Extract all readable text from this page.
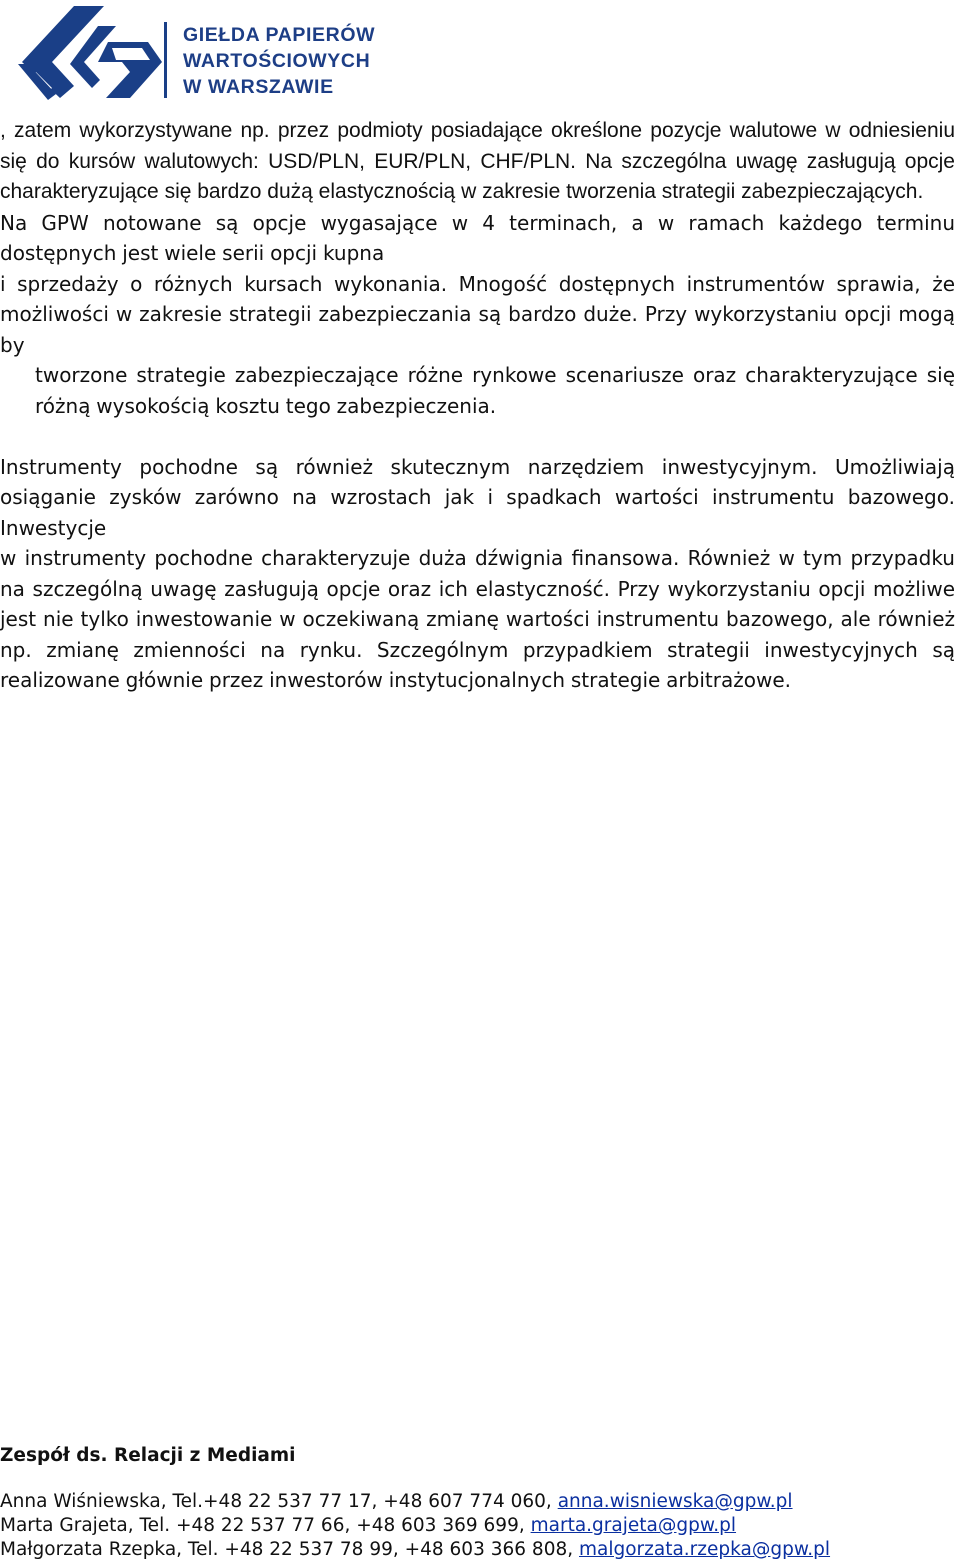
GIEŁDA PAPIERÓW
WARTOŚCIOWYCH
W WARSZAWIE

, zatem wykorzystywane np. przez podmioty posiadające określone pozycje walutowe w odniesieniu się do kursów walutowych: USD/PLN, EUR/PLN, CHF/PLN. Na szczególna uwagę zasługują opcje charakteryzujące się bardzo dużą elastycznością w zakresie tworzenia strategii zabezpieczających.

Na GPW notowane są opcje wygasające w 4 terminach, a w ramach każdego terminu dostępnych jest wiele serii opcji kupna

i sprzedaży o różnych kursach wykonania. Mnogość dostępnych instrumentów sprawia, że możliwości w zakresie strategii zabezpieczania są bardzo duże. Przy wykorzystaniu opcji mogą by

tworzone strategie zabezpieczające różne rynkowe scenariusze oraz charakteryzujące się różną wysokością kosztu tego zabezpieczenia.

Instrumenty pochodne są również skutecznym narzędziem inwestycyjnym. Umożliwiają osiąganie zysków zarówno na wzrostach jak i spadkach wartości instrumentu bazowego. Inwestycje

w instrumenty pochodne charakteryzuje duża dźwignia finansowa. Również w tym przypadku na szczególną uwagę zasługują opcje oraz ich elastyczność. Przy wykorzystaniu opcji możliwe jest nie tylko inwestowanie w oczekiwaną zmianę wartości instrumentu bazowego, ale również np. zmianę zmienności na rynku. Szczególnym przypadkiem strategii inwestycyjnych są realizowane głównie przez inwestorów instytucjonalnych strategie arbitrażowe.

Zespół ds. Relacji z Mediami

Anna Wiśniewska, Tel.+48 22 537 77 17, +48 607 774 060, anna.wisniewska@gpw.pl

Marta Grajeta, Tel. +48 22 537 77 66, +48 603 369 699, marta.grajeta@gpw.pl

Małgorzata Rzepka, Tel. +48 22 537 78 99, +48 603 366 808, malgorzata.rzepka@gpw.pl
